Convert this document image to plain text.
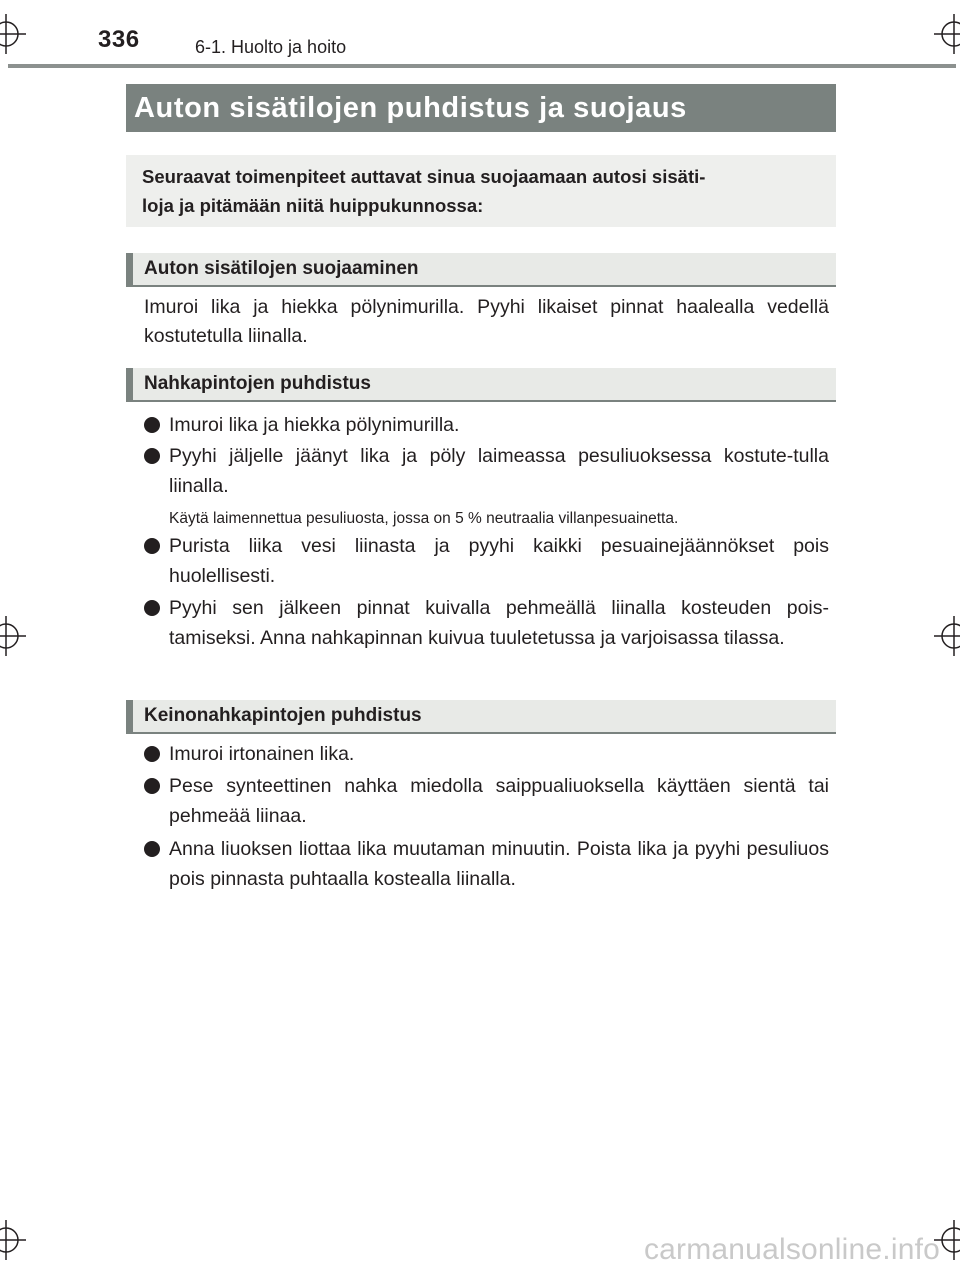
336	6-1. Huolto ja hoito
Auton sisätilojen puhdistus ja suojaus
Seuraavat toimenpiteet auttavat sinua suojaamaan autosi sisäti-
loja ja pitämään niitä huippukunnossa:
Auton sisätilojen suojaaminen
Imuroi lika ja hiekka pölynimurilla. Pyyhi likaiset pinnat haalealla vedellä kostutetulla liinalla.
Nahkapintojen puhdistus
Imuroi lika ja hiekka pölynimurilla.
Pyyhi jäljelle jäänyt lika ja pöly laimeassa pesuliuoksessa kostute-tulla liinalla.
Käytä laimennettua pesuliuosta, jossa on 5 % neutraalia villanpesuainetta.
Purista liika vesi liinasta ja pyyhi kaikki pesuainejäännökset pois huolellisesti.
Pyyhi sen jälkeen pinnat kuivalla pehmeällä liinalla kosteuden pois-tamiseksi. Anna nahkapinnan kuivua tuuletetussa ja varjoisassa tilassa.
Keinonahkapintojen puhdistus
Imuroi irtonainen lika.
Pese synteettinen nahka miedolla saippualiuoksella käyttäen sientä tai pehmeää liinaa.
Anna liuoksen liottaa lika muutaman minuutin. Poista lika ja pyyhi pesuliuos pois pinnasta puhtaalla kostealla liinalla.
carmanualsonline.info
